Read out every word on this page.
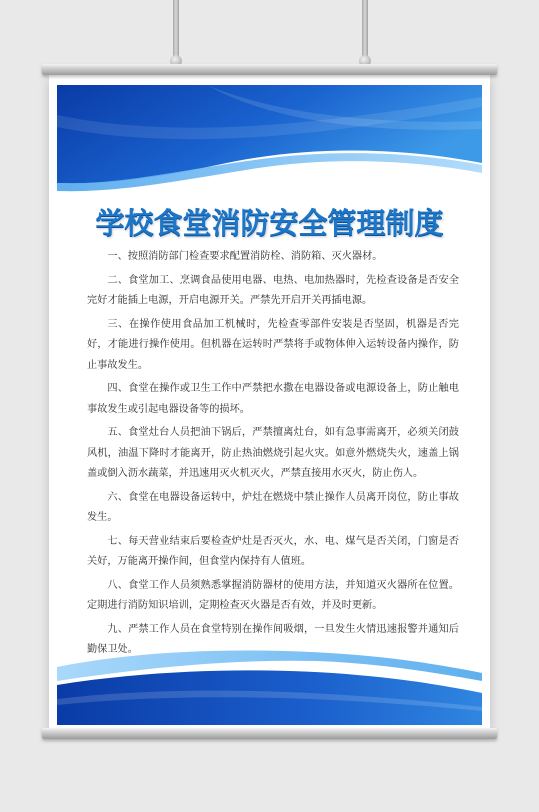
学校食堂消防安全管理制度

一、按照消防部门检查要求配置消防栓、消防箱、灭火器材。

二、食堂加工、烹调食品使用电器、电热、电加热器时，先检查设备是否安全完好才能插上电源，开启电源开关。严禁先开启开关再插电源。

三、在操作使用食品加工机械时，先检查零部件安装是否坚固，机器是否完好，才能进行操作使用。但机器在运转时严禁将手或物体伸入运转设备内操作，防止事故发生。

四、食堂在操作或卫生工作中严禁把水撒在电器设备或电源设备上，防止触电事故发生或引起电器设备等的损坏。

五、食堂灶台人员把油下锅后，严禁擅离灶台，如有急事需离开，必须关闭鼓风机，油温下降时才能离开，防止热油燃烧引起火灾。如意外燃烧失火，速盖上锅盖或倒入沥水蔬菜，并迅速用灭火机灭火，严禁直接用水灭火，防止伤人。

六、食堂在电器设备运转中，炉灶在燃烧中禁止操作人员离开岗位，防止事故发生。

七、每天营业结束后要检查炉灶是否灭火，水、电、煤气是否关闭，门窗是否关好，万能离开操作间，但食堂内保持有人值班。

八、食堂工作人员须熟悉掌握消防器材的使用方法，并知道灭火器所在位置。定期进行消防知识培训，定期检查灭火器是否有效，并及时更新。

九、严禁工作人员在食堂特别在操作间吸烟，一旦发生火情迅速报警并通知后勤保卫处。
